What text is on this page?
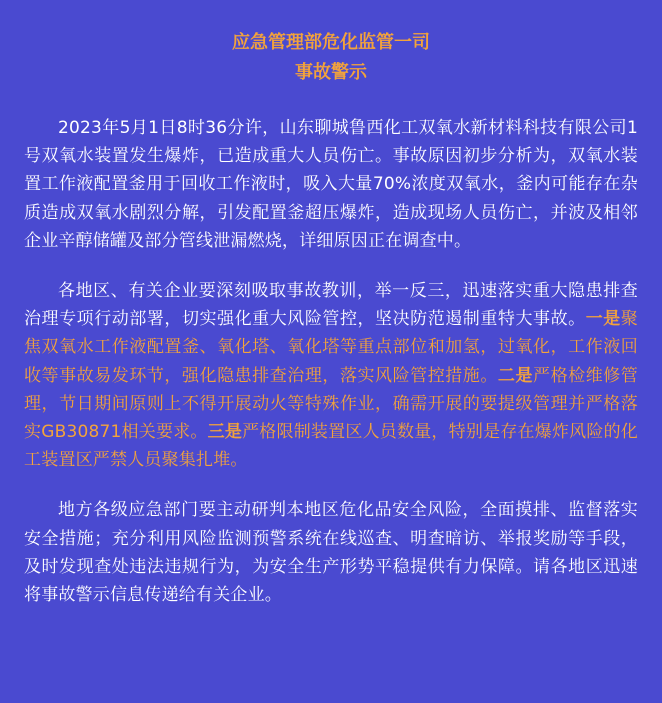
应急管理部危化监管一司
事故警示

2023年5月1日8时36分许，山东聊城鲁西化工双氧水新材料科技有限公司1号双氧水装置发生爆炸，已造成重大人员伤亡。事故原因初步分析为，双氧水装置工作液配置釜用于回收工作液时，吸入大量70%浓度双氧水，釜内可能存在杂质造成双氧水剧烈分解，引发配置釜超压爆炸，造成现场人员伤亡，并波及相邻企业辛醇储罐及部分管线泄漏燃烧，详细原因正在调查中。

各地区、有关企业要深刻吸取事故教训，举一反三，迅速落实重大隐患排查治理专项行动部署，切实强化重大风险管控，坚决防范遏制重特大事故。一是聚焦双氧水工作液配置釜、氧化塔、氧化塔等重点部位和加氢，过氧化，工作液回收等事故易发环节，强化隐患排查治理，落实风险管控措施。二是严格检维修管理，节日期间原则上不得开展动火等特殊作业，确需开展的要提级管理并严格落实GB30871相关要求。三是严格限制装置区人员数量，特别是存在爆炸风险的化工装置区严禁人员聚集扎堆。

地方各级应急部门要主动研判本地区危化品安全风险，全面摸排、监督落实安全措施；充分利用风险监测预警系统在线巡查、明查暗访、举报奖励等手段，及时发现查处违法违规行为，为安全生产形势平稳提供有力保障。请各地区迅速将事故警示信息传递给有关企业。
